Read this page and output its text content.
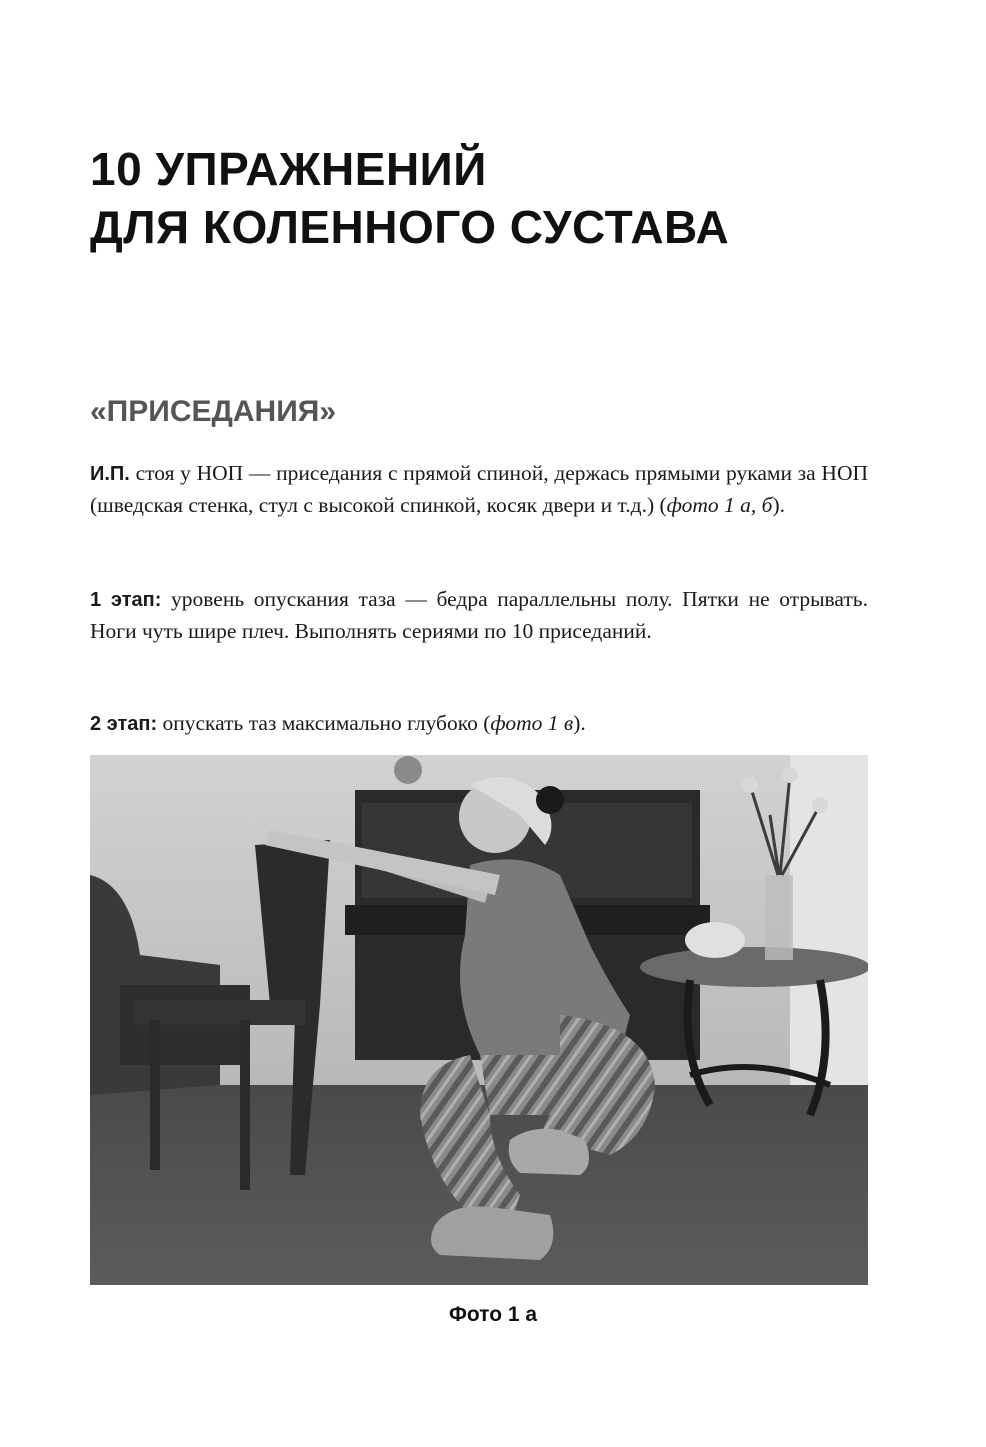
10 УПРАЖНЕНИЙ
ДЛЯ КОЛЕННОГО СУСТАВА
«ПРИСЕДАНИЯ»

И.П. стоя у НОП — приседания с прямой спиной, держась прямыми руками за НОП (шведская стенка, стул с высокой спинкой, косяк двери и т.д.) (фото 1 а, б).

1 этап: уровень опускания таза — бедра параллельны полу. Пятки не отрывать. Ноги чуть шире плеч. Выполнять сериями по 10 приседаний.

2 этап: опускать таз максимально глубоко (фото 1 в).

Фото 1 а
